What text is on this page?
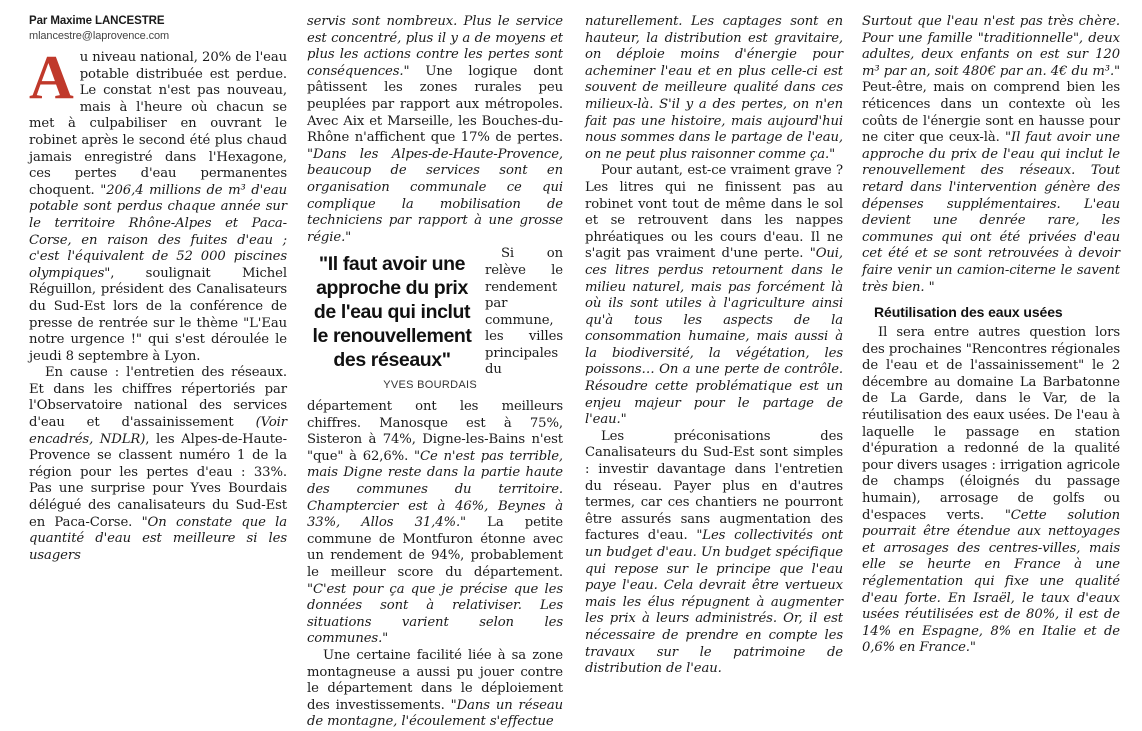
Par Maxime LANCESTRE

mlancestre@laprovence.com

Au niveau national, 20% de l'eau potable distribuée est perdue. Le constat n'est pas nouveau, mais à l'heure où chacun se met à culpabiliser en ouvrant le robinet après le second été plus chaud jamais enregistré dans l'Hexagone, ces pertes d'eau permanentes choquent. "206,4 millions de m³ d'eau potable sont perdus chaque année sur le territoire Rhône-Alpes et Paca-Corse, en raison des fuites d'eau ; c'est l'équivalent de 52 000 piscines olympiques", soulignait Michel Réguillon, président des Canalisateurs du Sud-Est lors de la conférence de presse de rentrée sur le thème "L'Eau notre urgence !" qui s'est déroulée le jeudi 8 septembre à Lyon.

En cause : l'entretien des réseaux. Et dans les chiffres répertoriés par l'Observatoire national des services d'eau et d'assainissement (Voir encadrés, NDLR), les Alpes-de-Haute-Provence se classent numéro 1 de la région pour les pertes d'eau : 33%. Pas une surprise pour Yves Bourdais délégué des canalisateurs du Sud-Est en Paca-Corse. "On constate que la quantité d'eau est meilleure si les usagers

servis sont nombreux. Plus le service est concentré, plus il y a de moyens et plus les actions contre les pertes sont conséquences." Une logique dont pâtissent les zones rurales peu peuplées par rapport aux métropoles. Avec Aix et Marseille, les Bouches-du-Rhône n'affichent que 17% de pertes. "Dans les Alpes-de-Haute-Provence, beaucoup de services sont en organisation communale ce qui complique la mobilisation de techniciens par rapport à une grosse régie."

"Il faut avoir une approche du prix de l'eau qui inclut le renouvellement des réseaux"
YVES BOURDAIS

Si on relève le rendement par commune, les villes principales du département ont les meilleurs chiffres. Manosque est à 75%, Sisteron à 74%, Digne-les-Bains n'est "que" à 62,6%. "Ce n'est pas terrible, mais Digne reste dans la partie haute des communes du territoire. Champtercier est à 46%, Beynes à 33%, Allos 31,4%." La petite commune de Montfuron étonne avec un rendement de 94%, probablement le meilleur score du département. "C'est pour ça que je précise que les données sont à relativiser. Les situations varient selon les communes."

Une certaine facilité liée à sa zone montagneuse a aussi pu jouer contre le département dans le déploiement des investissements. "Dans un réseau de montagne, l'écoulement s'effectue

naturellement. Les captages sont en hauteur, la distribution est gravitaire, on déploie moins d'énergie pour acheminer l'eau et en plus celle-ci est souvent de meilleure qualité dans ces milieux-là. S'il y a des pertes, on n'en fait pas une histoire, mais aujourd'hui nous sommes dans le partage de l'eau, on ne peut plus raisonner comme ça."

Pour autant, est-ce vraiment grave ? Les litres qui ne finissent pas au robinet vont tout de même dans le sol et se retrouvent dans les nappes phréatiques ou les cours d'eau. Il ne s'agit pas vraiment d'une perte. "Oui, ces litres perdus retournent dans le milieu naturel, mais pas forcément là où ils sont utiles à l'agriculture ainsi qu'à tous les aspects de la consommation humaine, mais aussi à la biodiversité, la végétation, les poissons… On a une perte de contrôle. Résoudre cette problématique est un enjeu majeur pour le partage de l'eau."

Les préconisations des Canalisateurs du Sud-Est sont simples : investir davantage dans l'entretien du réseau. Payer plus en d'autres termes, car ces chantiers ne pourront être assurés sans augmentation des factures d'eau. "Les collectivités ont un budget d'eau. Un budget spécifique qui repose sur le principe que l'eau paye l'eau. Cela devrait être vertueux mais les élus répugnent à augmenter les prix à leurs administrés. Or, il est nécessaire de prendre en compte les travaux sur le patrimoine de distribution de l'eau.

Surtout que l'eau n'est pas très chère. Pour une famille "traditionnelle", deux adultes, deux enfants on est sur 120 m³ par an, soit 480€ par an. 4€ du m³." Peut-être, mais on comprend bien les réticences dans un contexte où les coûts de l'énergie sont en hausse pour ne citer que ceux-là. "Il faut avoir une approche du prix de l'eau qui inclut le renouvellement des réseaux. Tout retard dans l'intervention génère des dépenses supplémentaires. L'eau devient une denrée rare, les communes qui ont été privées d'eau cet été et se sont retrouvées à devoir faire venir un camion-citerne le savent très bien. "

Réutilisation des eaux usées

Il sera entre autres question lors des prochaines "Rencontres régionales de l'eau et de l'assainissement" le 2 décembre au domaine La Barbatonne de La Garde, dans le Var, de la réutilisation des eaux usées. De l'eau à laquelle le passage en station d'épuration a redonné de la qualité pour divers usages : irrigation agricole de champs (éloignés du passage humain), arrosage de golfs ou d'espaces verts. "Cette solution pourrait être étendue aux nettoyages et arrosages des centres-villes, mais elle se heurte en France à une réglementation qui fixe une qualité d'eau forte. En Israël, le taux d'eaux usées réutilisées est de 80%, il est de 14% en Espagne, 8% en Italie et de 0,6% en France."
